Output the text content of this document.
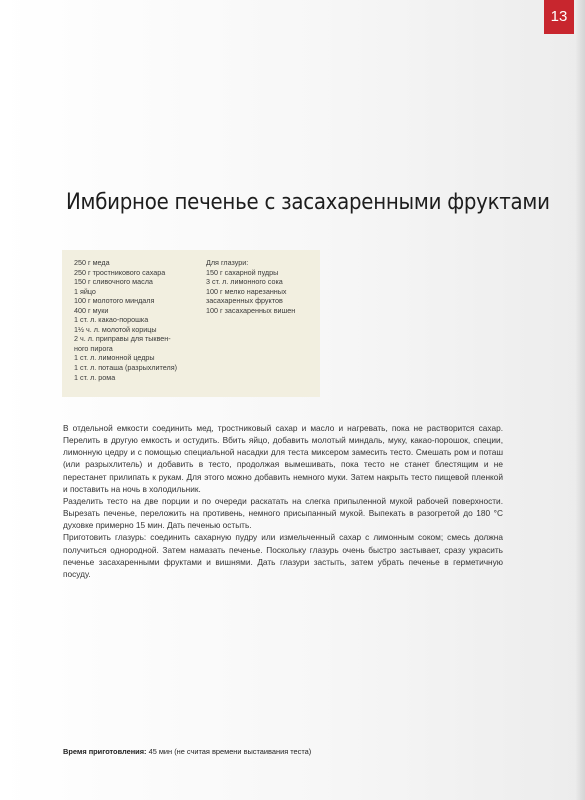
13
Имбирное печенье с засахаренными фруктами
250 г меда
250 г тростникового сахара
150 г сливочного масла
1 яйцо
100 г молотого миндаля
400 г муки
1 ст. л. какао-порошка
1½ ч. л. молотой корицы
2 ч. л. приправы для тыквен-
ного пирога
1 ст. л. лимонной цедры
1 ст. л. поташа (разрыхлителя)
1 ст. л. рома
Для глазури:
150 г сахарной пудры
3 ст. л. лимонного сока
100 г мелко нарезанных
засахаренных фруктов
100 г засахаренных вишен

В отдельной емкости соединить мед, тростниковый сахар и масло и нагревать, пока не растворится сахар. Перелить в другую емкость и остудить. Вбить яйцо, добавить молотый миндаль, муку, какао-порошок, специи, лимонную цедру и с помощью специальной насадки для теста миксером замесить тесто. Смешать ром и поташ (или разрыхлитель) и добавить в тесто, продолжая вымешивать, пока тесто не станет блестящим и не перестанет прилипать к рукам. Для этого можно добавить немного муки. Затем накрыть тесто пищевой пленкой и поставить на ночь в холодильник.

Разделить тесто на две порции и по очереди раскатать на слегка припыленной мукой рабочей поверхности. Вырезать печенье, переложить на противень, немного присыпанный мукой. Выпекать в разогретой до 180 °С духовке примерно 15 мин. Дать печенью остыть.

Приготовить глазурь: соединить сахарную пудру или измельченный сахар с лимонным соком; смесь должна получиться однородной. Затем намазать печенье. Поскольку глазурь очень быстро застывает, сразу украсить печенье засахаренными фруктами и вишнями. Дать глазури застыть, затем убрать печенье в герметичную посуду.

Время приготовления: 45 мин (не считая времени выстаивания теста)
